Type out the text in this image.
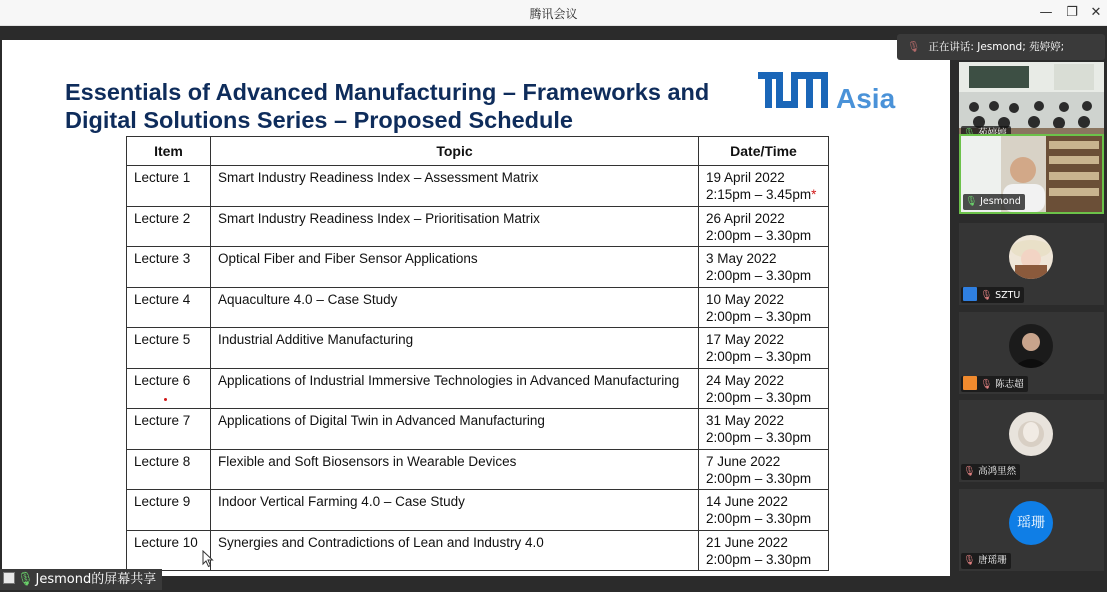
腾讯会议	— ❐ ✕
Essentials of Advanced Manufacturing – Frameworks and Digital Solutions Series – Proposed Schedule
Asia
Item	Topic	Date/Time
Lecture 1	Smart Industry Readiness Index – Assessment Matrix	19 April 2022
2:15pm – 3.45pm*

Lecture 2	Smart Industry Readiness Index – Prioritisation Matrix	26 April 2022
2:00pm – 3.30pm

Lecture 3	Optical Fiber and Fiber Sensor Applications	3 May 2022
2:00pm – 3.30pm

Lecture 4	Aquaculture 4.0 – Case Study	10 May 2022
2:00pm – 3.30pm

Lecture 5	Industrial Additive Manufacturing	17 May 2022
2:00pm – 3.30pm

Lecture 6	Applications of Industrial Immersive Technologies in Advanced Manufacturing	24 May 2022
2:00pm – 3.30pm

Lecture 7	Applications of Digital Twin in Advanced Manufacturing	31 May 2022
2:00pm – 3.30pm

Lecture 8	Flexible and Soft Biosensors in Wearable Devices	7 June 2022
2:00pm – 3.30pm

Lecture 9	Indoor Vertical Farming 4.0 – Case Study	14 June 2022
2:00pm – 3.30pm

Lecture 10	Synergies and Contradictions of Lean and Industry 4.0	21 June 2022
2:00pm – 3.30pm
🎙 Jesmond的屏幕共享
🎙 正在讲话: Jesmond; 苑婷婷;
🎙 Jesmond
🎙 SZTU
🎙 陈志超
🎙 高鸿里然
瑶珊
🎙 唐瑶珊
